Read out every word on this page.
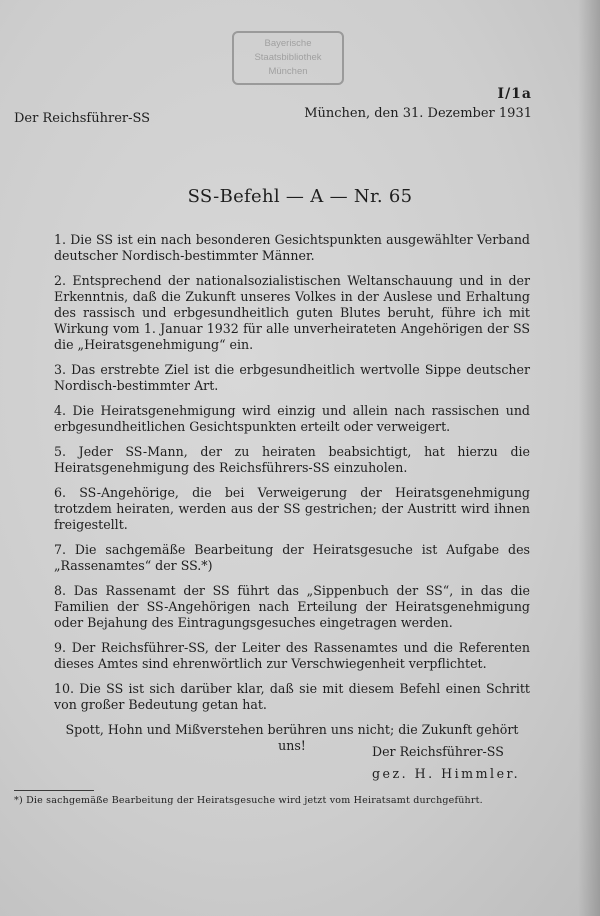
Bayerische
Staatsbibliothek
München
I/1a
Der Reichsführer-SS	München, den 31. Dezember 1931
SS-Befehl — A — Nr. 65

1. Die SS ist ein nach besonderen Gesichtspunkten ausgewählter Verband deutscher Nordisch-bestimmter Männer.

2. Entsprechend der nationalsozialistischen Weltanschauung und in der Erkenntnis, daß die Zukunft unseres Volkes in der Auslese und Erhaltung des rassisch und erbgesundheitlich guten Blutes beruht, führe ich mit Wirkung vom 1. Januar 1932 für alle unverheirateten Angehörigen der SS die „Heiratsgenehmigung“ ein.

3. Das erstrebte Ziel ist die erbgesundheitlich wertvolle Sippe deutscher Nordisch-bestimmter Art.

4. Die Heiratsgenehmigung wird einzig und allein nach rassischen und erbgesundheitlichen Gesichtspunkten erteilt oder verweigert.

5. Jeder SS-Mann, der zu heiraten beabsichtigt, hat hierzu die Heiratsgenehmigung des Reichsführers-SS einzuholen.

6. SS-Angehörige, die bei Verweigerung der Heiratsgenehmigung trotzdem heiraten, werden aus der SS gestrichen; der Austritt wird ihnen freigestellt.

7. Die sachgemäße Bearbeitung der Heiratsgesuche ist Aufgabe des „Rassenamtes“ der SS.*)

8. Das Rassenamt der SS führt das „Sippenbuch der SS“, in das die Familien der SS-Angehörigen nach Erteilung der Heiratsgenehmigung oder Bejahung des Eintragungsgesuches eingetragen werden.

9. Der Reichsführer-SS, der Leiter des Rassenamtes und die Referenten dieses Amtes sind ehrenwörtlich zur Verschwiegenheit verpflichtet.

10. Die SS ist sich darüber klar, daß sie mit diesem Befehl einen Schritt von großer Bedeutung getan hat.

Spott, Hohn und Mißverstehen berühren uns nicht; die Zukunft gehört uns!	Der Reichsführer-SS
gez. H. Himmler.
*) Die sachgemäße Bearbeitung der Heiratsgesuche wird jetzt vom Heiratsamt durchgeführt.
